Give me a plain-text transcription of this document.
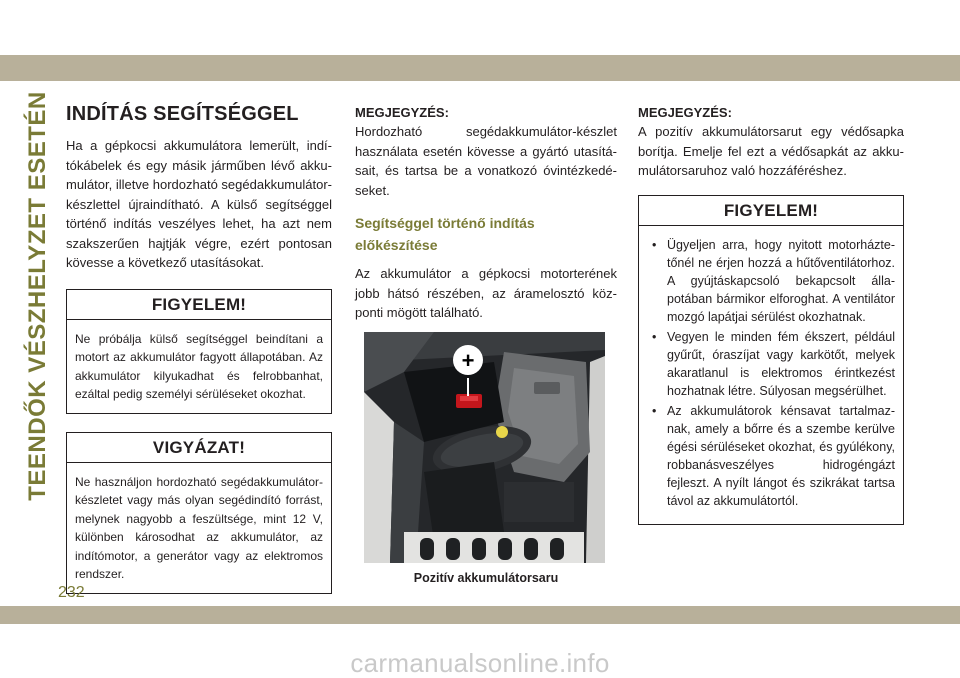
TEENDŐK VÉSZHELYZET ESETÉN INDÍTÁS SEGÍTSÉGGEL

Ha a gépkocsi akkumulátora lemerült, indítókábelek és egy másik járműben lévő akkumulátor, illetve hordozható segédakkumulátor-készlettel újraindítható. A külső segítséggel történő indítás veszélyes lehet, ha azt nem szakszerűen hajtják végre, ezért pontosan kövesse a következő utasításokat.

FIGYELEM!
Ne próbálja külső segítséggel beindítani a motort az akkumulátor fagyott állapotában. Az akkumulátor kilyukadhat és felrobbanhat, ezáltal pedig személyi sérüléseket okozhat.
VIGYÁZAT!
Ne használjon hordozható segédakkumulátor-készletet vagy más olyan segédindító forrást, melynek nagyobb a feszültsége, mint 12 V, különben károsodhat az akkumulátor, az indítómotor, a generátor vagy az elektromos rendszer.
MEGJEGYZÉS:

Hordozható segédakkumulátor-készlet használata esetén kövesse a gyártó utasításait, és tartsa be a vonatkozó óvintézkedéseket.

Segítséggel történő indítás előkészítése

Az akkumulátor a gépkocsi motorterének jobb hátsó részében, az áramelosztó központi mögött található.

+
Pozitív akkumulátorsaru
MEGJEGYZÉS:

A pozitív akkumulátorsarut egy védősapka borítja. Emelje fel ezt a védősapkát az akkumulátorsaruhoz való hozzáféréshez.

FIGYELEM!
• Ügyeljen arra, hogy nyitott motorháztetőnél ne érjen hozzá a hűtőventilátorhoz. A gyújtáskapcsoló bekapcsolt állapotában bármikor elforoghat. A ventilátor mozgó lapátjai sérülést okozhatnak.
• Vegyen le minden fém ékszert, például gyűrűt, óraszíjat vagy karkötőt, melyek akaratlanul is elektromos érintkezést hozhatnak létre. Súlyosan megsérülhet.
• Az akkumulátorok kénsavat tartalmaznak, amely a bőrre és a szembe kerülve égési sérüléseket okozhat, és gyúlékony, robbanásveszélyes hidrogéngázt fejleszt. A nyílt lángot és szikrákat tartsa távol az akkumulátortól.
232
carmanualsonline.info
